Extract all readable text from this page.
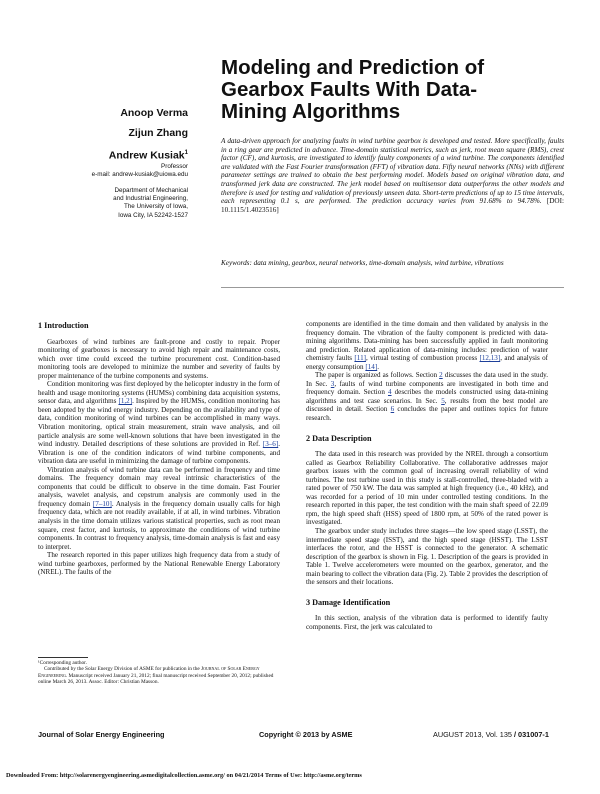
Modeling and Prediction of Gearbox Faults With Data-Mining Algorithms
Anoop Verma
Zijun Zhang
Andrew Kusiak$^1$
Professor
e-mail: andrew-kusiak@uiowa.edu
Department of Mechanical
and Industrial Engineering,
The University of Iowa,
Iowa City, IA 52242-1527
A data-driven approach for analyzing faults in wind turbine gearbox is developed and tested. More specifically, faults in a ring gear are predicted in advance. Time-domain statistical metrics, such as jerk, root mean square (RMS), crest factor (CF), and kurtosis, are investigated to identify faulty components of a wind turbine. The components identified are validated with the Fast Fourier transformation (FFT) of vibration data. Fifty neural networks (NNs) with different parameter settings are trained to obtain the best performing model. Models based on original vibration data, and transformed jerk data are constructed. The jerk model based on multisensor data outperforms the other models and therefore is used for testing and validation of previously unseen data. Short-term predictions of up to 15 time intervals, each representing 0.1 s, are performed. The prediction accuracy varies from 91.68% to 94.78%. [DOI: 10.1115/1.4023516]
Keywords: data mining, gearbox, neural networks, time-domain analysis, wind turbine, vibrations
1 Introduction

Gearboxes of wind turbines are fault-prone and costly to repair. Proper monitoring of gearboxes is necessary to avoid high repair and maintenance costs, which over time could exceed the turbine procurement cost. Condition-based monitoring tools are developed to minimize the number and severity of faults by proper maintenance of the turbine components and systems.

Condition monitoring was first deployed by the helicopter industry in the form of health and usage monitoring systems (HUMSs) combining data acquisition systems, sensor data, and algorithms [1,2]. Inspired by the HUMSs, condition monitoring has been adopted by the wind energy industry. Depending on the availability and type of data, condition monitoring of wind turbines can be accomplished in many ways. Vibration monitoring, optical strain measurement, strain wave analysis, and oil particle analysis are some well-known solutions that have been investigated in the wind industry. Detailed descriptions of these solutions are provided in Ref. [3–6]. Vibration is one of the condition indicators of wind turbine components, and vibration data are useful in minimizing the damage of turbine components.

Vibration analysis of wind turbine data can be performed in frequency and time domains. The frequency domain may reveal intrinsic characteristics of the components that could be difficult to observe in the time domain. Fast Fourier analysis, wavelet analysis, and cepstrum analysis are commonly used in the frequency domain [7–10]. Analysis in the frequency domain usually calls for high frequency data, which are not readily available, if at all, in wind turbines. Vibration analysis in the time domain utilizes various statistical properties, such as root mean square, crest factor, and kurtosis, to approximate the conditions of wind turbine components. In contrast to frequency analysis, time-domain analysis is fast and easy to interpret.

The research reported in this paper utilizes high frequency data from a study of wind turbine gearboxes, performed by the National Renewable Energy Laboratory (NREL). The faults of the

components are identified in the time domain and then validated by analysis in the frequency domain. The vibration of the faulty component is predicted with data-mining algorithms. Data-mining has been successfully applied in fault monitoring and prediction. Related application of data-mining includes: prediction of water chemistry faults [11], virtual testing of combustion process [12,13], and analysis of energy consumption [14].

The paper is organized as follows. Section 2 discusses the data used in the study. In Sec. 3, faults of wind turbine components are investigated in both time and frequency domain. Section 4 describes the models constructed using data-mining algorithms and test case scenarios. In Sec. 5, results from the best model are discussed in detail. Section 6 concludes the paper and outlines topics for future research.

2 Data Description

The data used in this research was provided by the NREL through a consortium called as Gearbox Reliability Collaborative. The collaborative addresses major gearbox issues with the common goal of increasing overall reliability of wind turbines. The test turbine used in this study is stall-controlled, three-bladed with a rated power of 750 kW. The data was sampled at high frequency (i.e., 40 kHz), and was recorded for a period of 10 min under controlled testing conditions. In the research reported in this paper, the test condition with the main shaft speed of 22.09 rpm, the high speed shaft (HSS) speed of 1800 rpm, at 50% of the rated power is investigated.

The gearbox under study includes three stages—the low speed stage (LSST), the intermediate speed stage (ISST), and the high speed stage (HSST). The LSST interfaces the rotor, and the HSST is connected to the generator. A schematic description of the gearbox is shown in Fig. 1. Description of the gears is provided in Table 1. Twelve accelerometers were mounted on the gearbox, generator, and the main bearing to collect the vibration data (Fig. 2). Table 2 provides the description of the sensors and their locations.

3 Damage Identification

In this section, analysis of the vibration data is performed to identify faulty components. First, the jerk was calculated to

¹Corresponding author.
Contributed by the Solar Energy Division of ASME for publication in the Journal of Solar Energy Engineering. Manuscript received January 21, 2012; final manuscript received September 20, 2012; published online March 26, 2013. Assoc. Editor: Christian Masson.
Journal of Solar Energy Engineering	Copyright © 2013 by ASME	AUGUST 2013, Vol. 135 / 031007-1
Downloaded From: http://solarenergyengineering.asmedigitalcollection.asme.org/ on 04/21/2014 Terms of Use: http://asme.org/terms
